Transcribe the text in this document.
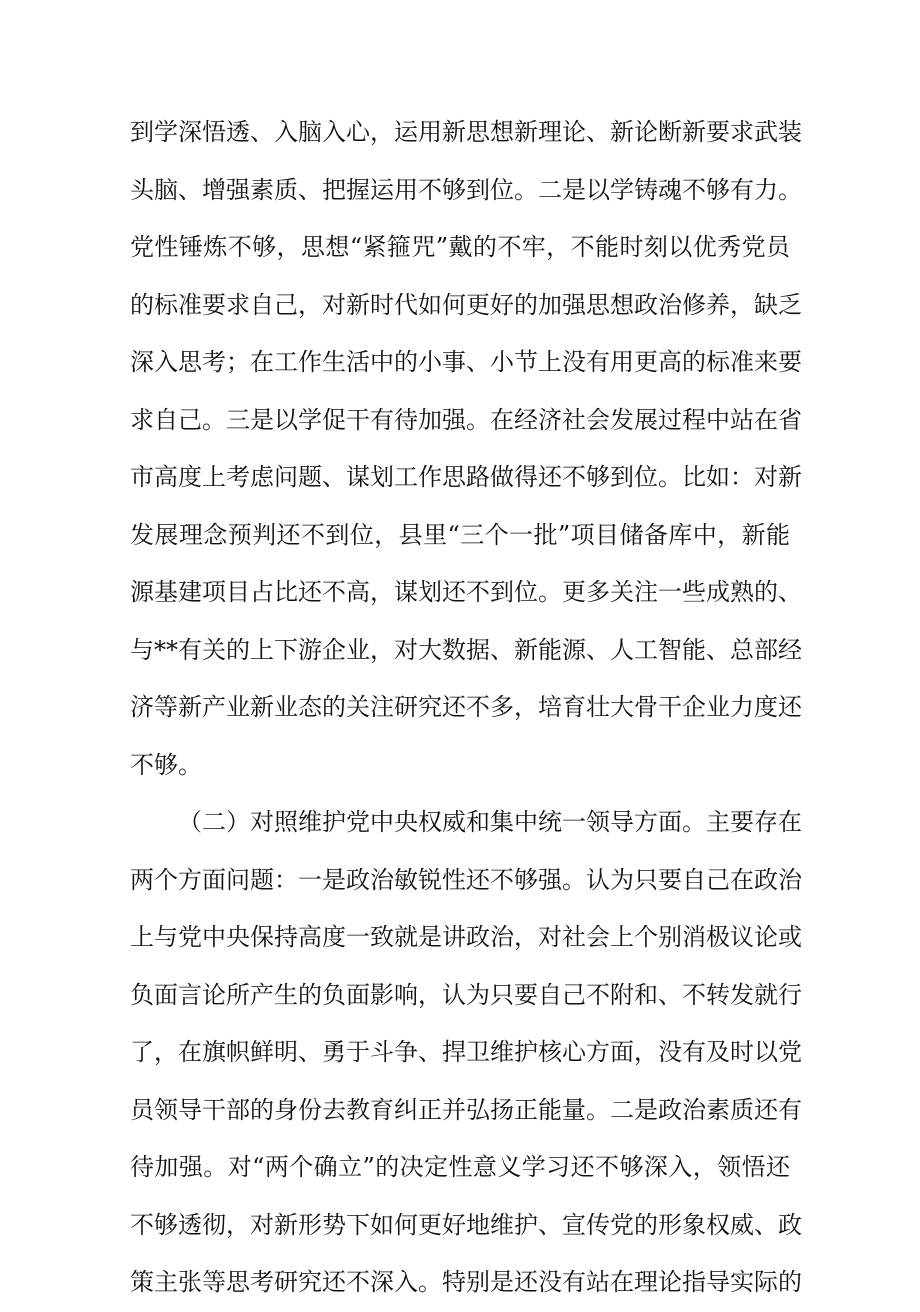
到学深悟透、入脑入心，运用新思想新理论、新论断新要求武装
头脑、增强素质、把握运用不够到位。二是以学铸魂不够有力。
党性锤炼不够，思想“紧箍咒”戴的不牢，不能时刻以优秀党员
的标准要求自己，对新时代如何更好的加强思想政治修养，缺乏
深入思考；在工作生活中的小事、小节上没有用更高的标准来要
求自己。三是以学促干有待加强。在经济社会发展过程中站在省
市高度上考虑问题、谋划工作思路做得还不够到位。比如：对新
发展理念预判还不到位，县里“三个一批”项目储备库中，新能
源基建项目占比还不高，谋划还不到位。更多关注一些成熟的、
与**有关的上下游企业，对大数据、新能源、人工智能、总部经
济等新产业新业态的关注研究还不多，培育壮大骨干企业力度还
不够。
（二）对照维护党中央权威和集中统一领导方面。主要存在
两个方面问题：一是政治敏锐性还不够强。认为只要自己在政治
上与党中央保持高度一致就是讲政治，对社会上个别消极议论或
负面言论所产生的负面影响，认为只要自己不附和、不转发就行
了，在旗帜鲜明、勇于斗争、捍卫维护核心方面，没有及时以党
员领导干部的身份去教育纠正并弘扬正能量。二是政治素质还有
待加强。对“两个确立”的决定性意义学习还不够深入，领悟还
不够透彻，对新形势下如何更好地维护、宣传党的形象权威、政
策主张等思考研究还不深入。特别是还没有站在理论指导实际的
